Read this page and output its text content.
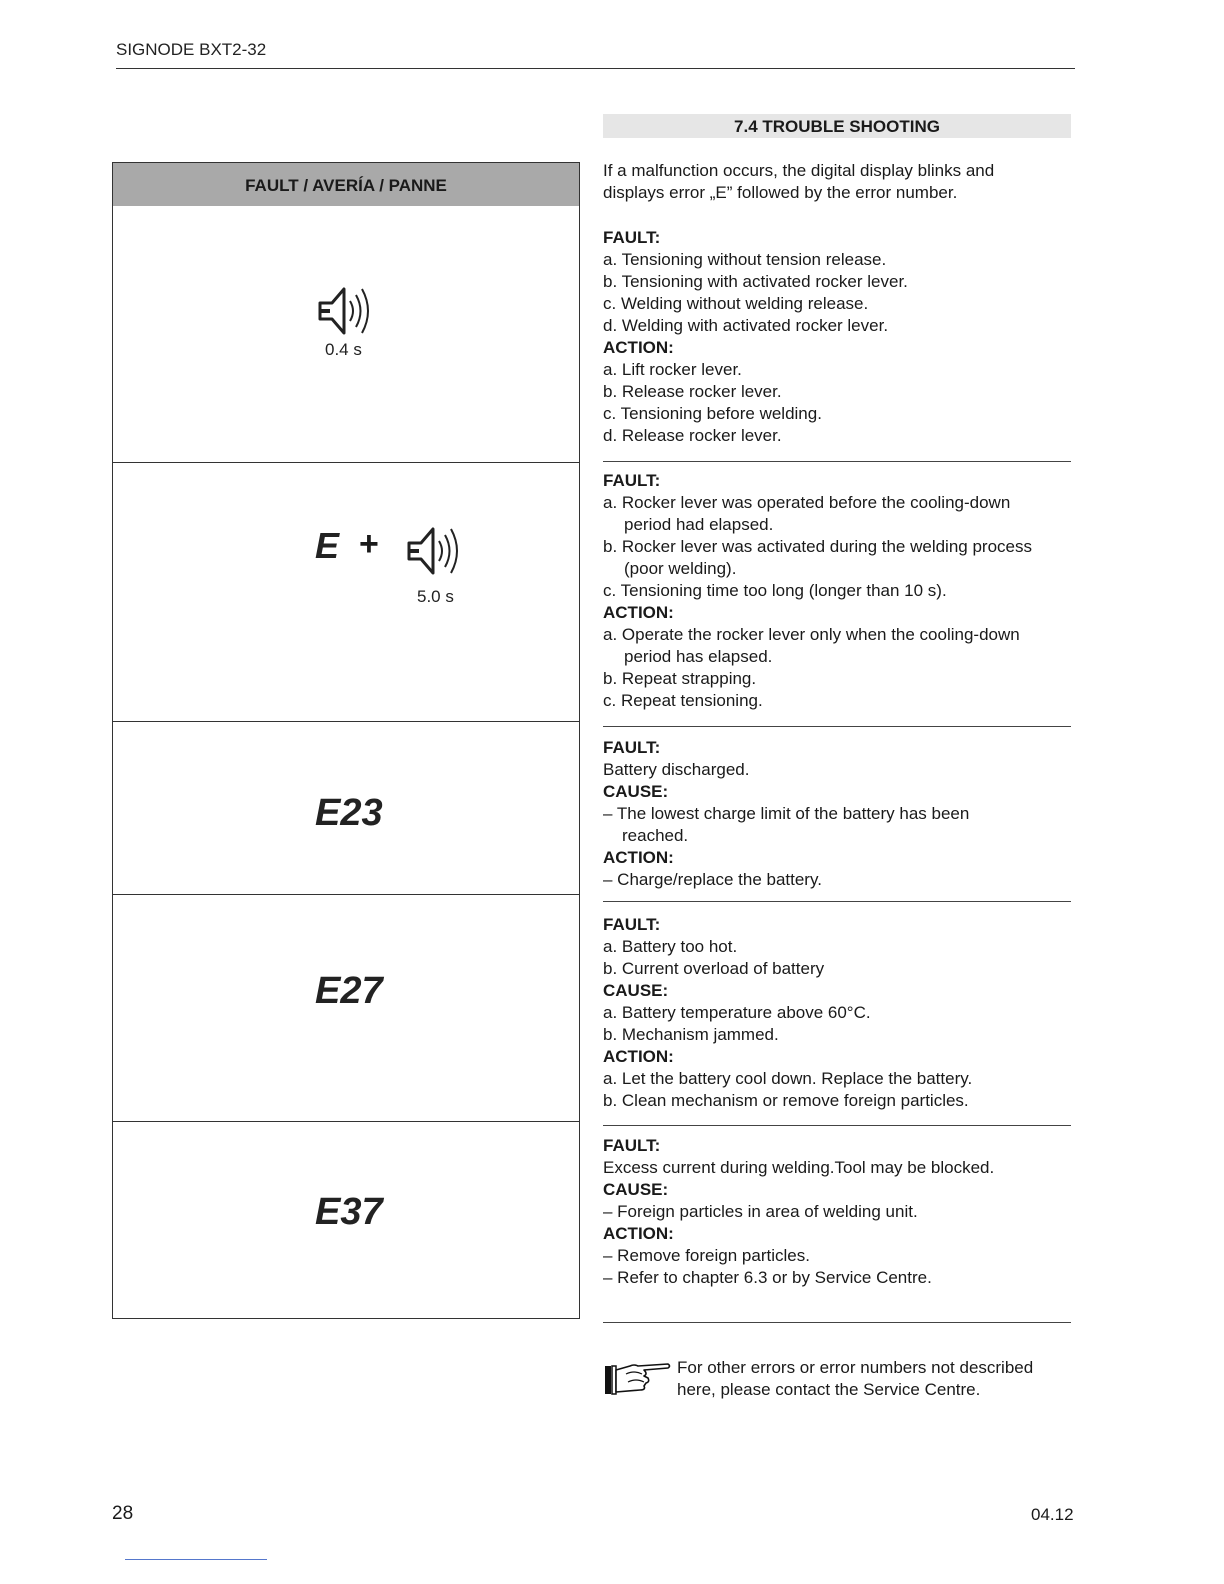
SIGNODE BXT2-32
7.4 TROUBLE SHOOTING
FAULT / AVERÍA / PANNE
0.4 s
E +
5.0 s
E23
E27
E37
If a malfunction occurs, the digital display blinks and
displays error „E” followed by the error number.
FAULT:
a. Tensioning without tension release.
b. Tensioning with activated rocker lever.
c. Welding without welding release.
d. Welding with activated rocker lever.
ACTION:
a. Lift rocker lever.
b. Release rocker lever.
c. Tensioning before welding.
d. Release rocker lever.
FAULT:
a. Rocker lever was operated before the cooling-down
period had elapsed.
b. Rocker lever was activated during the welding process
(poor welding).
c. Tensioning time too long (longer than 10 s).
ACTION:
a. Operate the rocker lever only when the cooling-down
period has elapsed.
b. Repeat strapping.
c. Repeat tensioning.
FAULT:
Battery discharged.
CAUSE:
– The lowest charge limit of the battery has been
reached.
ACTION:
– Charge/replace the battery.
FAULT:
a. Battery too hot.
b. Current overload of battery
CAUSE:
a. Battery temperature above 60°C.
b. Mechanism jammed.
ACTION:
a. Let the battery cool down. Replace the battery.
b. Clean mechanism or remove foreign particles.
FAULT:
Excess current during welding.Tool may be blocked.
CAUSE:
– Foreign particles in area of welding unit.
ACTION:
– Remove foreign particles.
– Refer to chapter 6.3 or by Service Centre.
For other errors or error numbers not described
here, please contact the Service Centre.
28	04.12
